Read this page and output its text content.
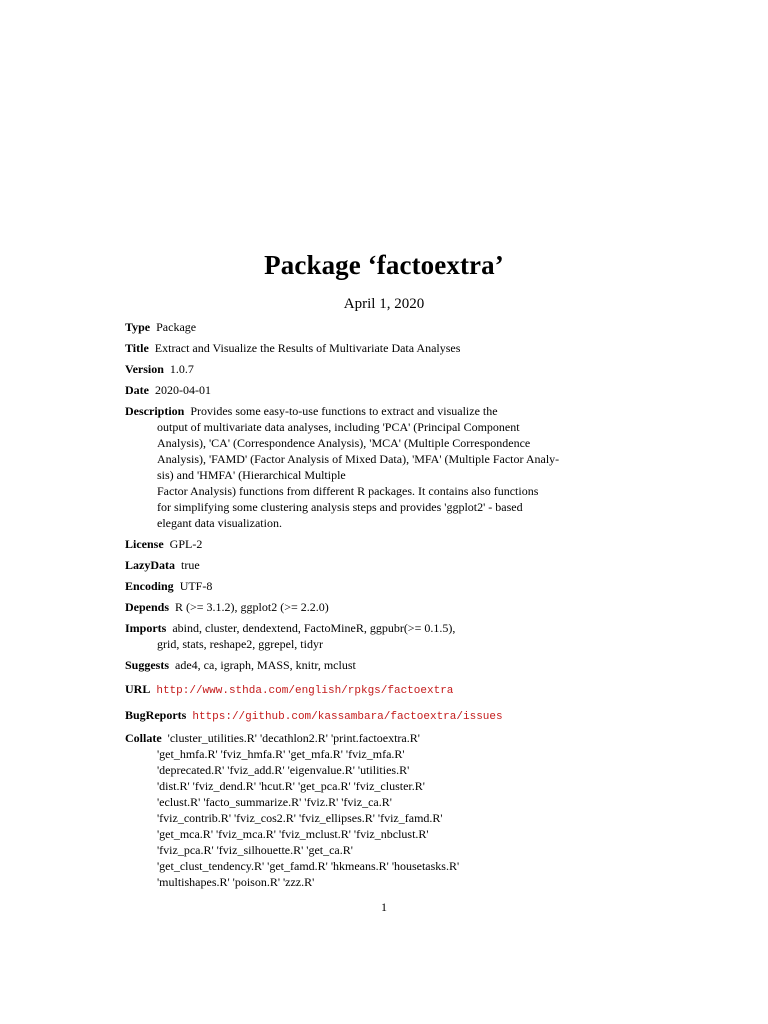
Package ‘factoextra’
April 1, 2020
Type Package
Title Extract and Visualize the Results of Multivariate Data Analyses
Version 1.0.7
Date 2020-04-01
Description Provides some easy-to-use functions to extract and visualize the
output of multivariate data analyses, including 'PCA' (Principal Component
Analysis), 'CA' (Correspondence Analysis), 'MCA' (Multiple Correspondence
Analysis), 'FAMD' (Factor Analysis of Mixed Data), 'MFA' (Multiple Factor Analy-
sis) and 'HMFA' (Hierarchical Multiple
Factor Analysis) functions from different R packages. It contains also functions
for simplifying some clustering analysis steps and provides 'ggplot2' - based
elegant data visualization.
License GPL-2
LazyData true
Encoding UTF-8
Depends R (>= 3.1.2), ggplot2 (>= 2.2.0)
Imports abind, cluster, dendextend, FactoMineR, ggpubr(>= 0.1.5),
grid, stats, reshape2, ggrepel, tidyr
Suggests ade4, ca, igraph, MASS, knitr, mclust
URL http://www.sthda.com/english/rpkgs/factoextra
BugReports https://github.com/kassambara/factoextra/issues
Collate 'cluster_utilities.R' 'decathlon2.R' 'print.factoextra.R'
'get_hmfa.R' 'fviz_hmfa.R' 'get_mfa.R' 'fviz_mfa.R'
'deprecated.R' 'fviz_add.R' 'eigenvalue.R' 'utilities.R'
'dist.R' 'fviz_dend.R' 'hcut.R' 'get_pca.R' 'fviz_cluster.R'
'eclust.R' 'facto_summarize.R' 'fviz.R' 'fviz_ca.R'
'fviz_contrib.R' 'fviz_cos2.R' 'fviz_ellipses.R' 'fviz_famd.R'
'get_mca.R' 'fviz_mca.R' 'fviz_mclust.R' 'fviz_nbclust.R'
'fviz_pca.R' 'fviz_silhouette.R' 'get_ca.R'
'get_clust_tendency.R' 'get_famd.R' 'hkmeans.R' 'housetasks.R'
'multishapes.R' 'poison.R' 'zzz.R'
1
